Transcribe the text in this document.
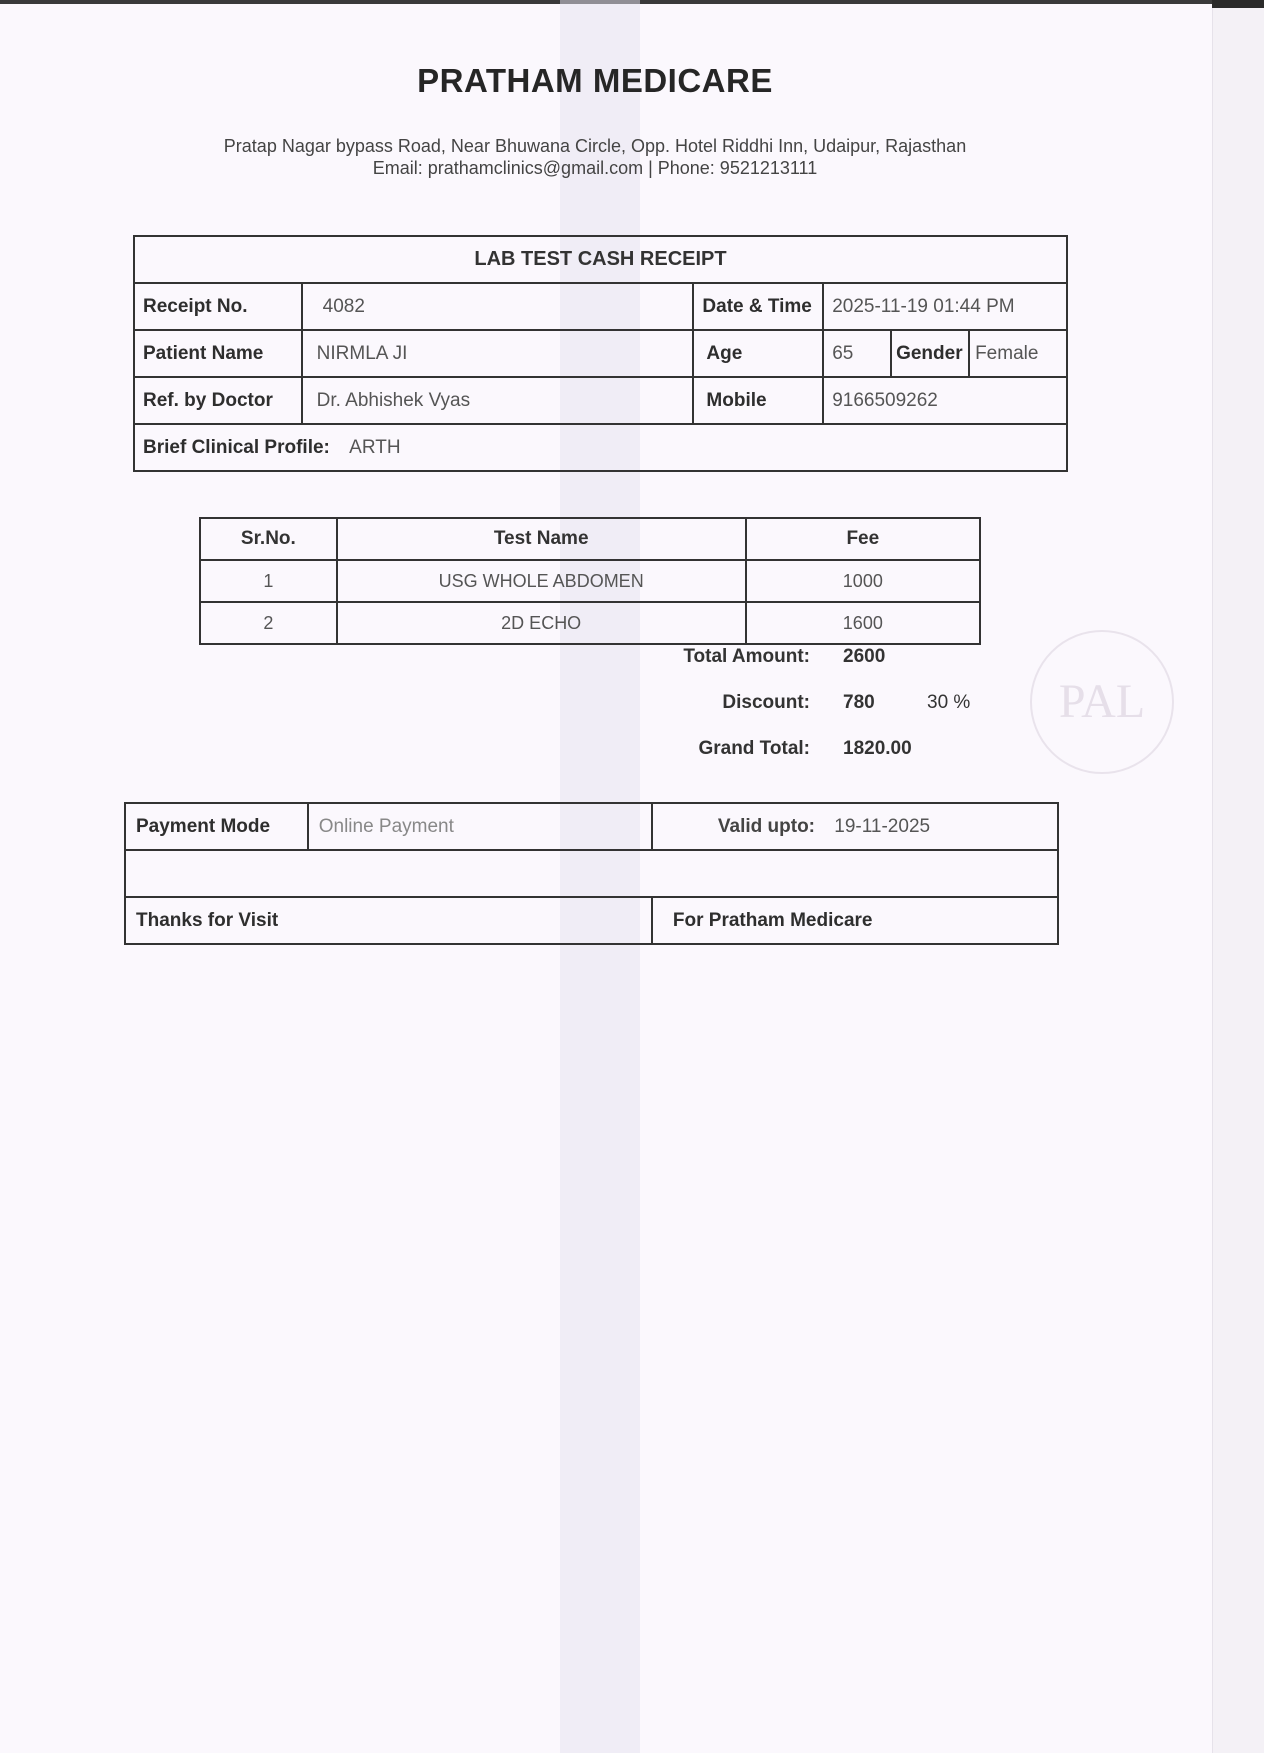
PRATHAM MEDICARE
Pratap Nagar bypass Road, Near Bhuwana Circle, Opp. Hotel Riddhi Inn, Udaipur, Rajasthan
Email: prathamclinics@gmail.com | Phone: 9521213111
LAB TEST CASH RECEIPT					
Receipt No.	4082	Date & Time	2025-11-19 01:44 PM		
Patient Name	NIRMLA JI	Age	65	Gender	Female
Ref. by Doctor	Dr. Abhishek Vyas	Mobile	9166509262		
Brief Clinical Profile: ARTH					
Sr.No.	Test Name	Fee
1	USG WHOLE ABDOMEN	1000
2	2D ECHO	1600
Total Amount: 2600
Discount: 780	30 %
Grand Total: 1820.00
PAL
Payment Mode	Online Payment	Valid upto: 19-11-2025

Thanks for Visit		For Pratham Medicare
